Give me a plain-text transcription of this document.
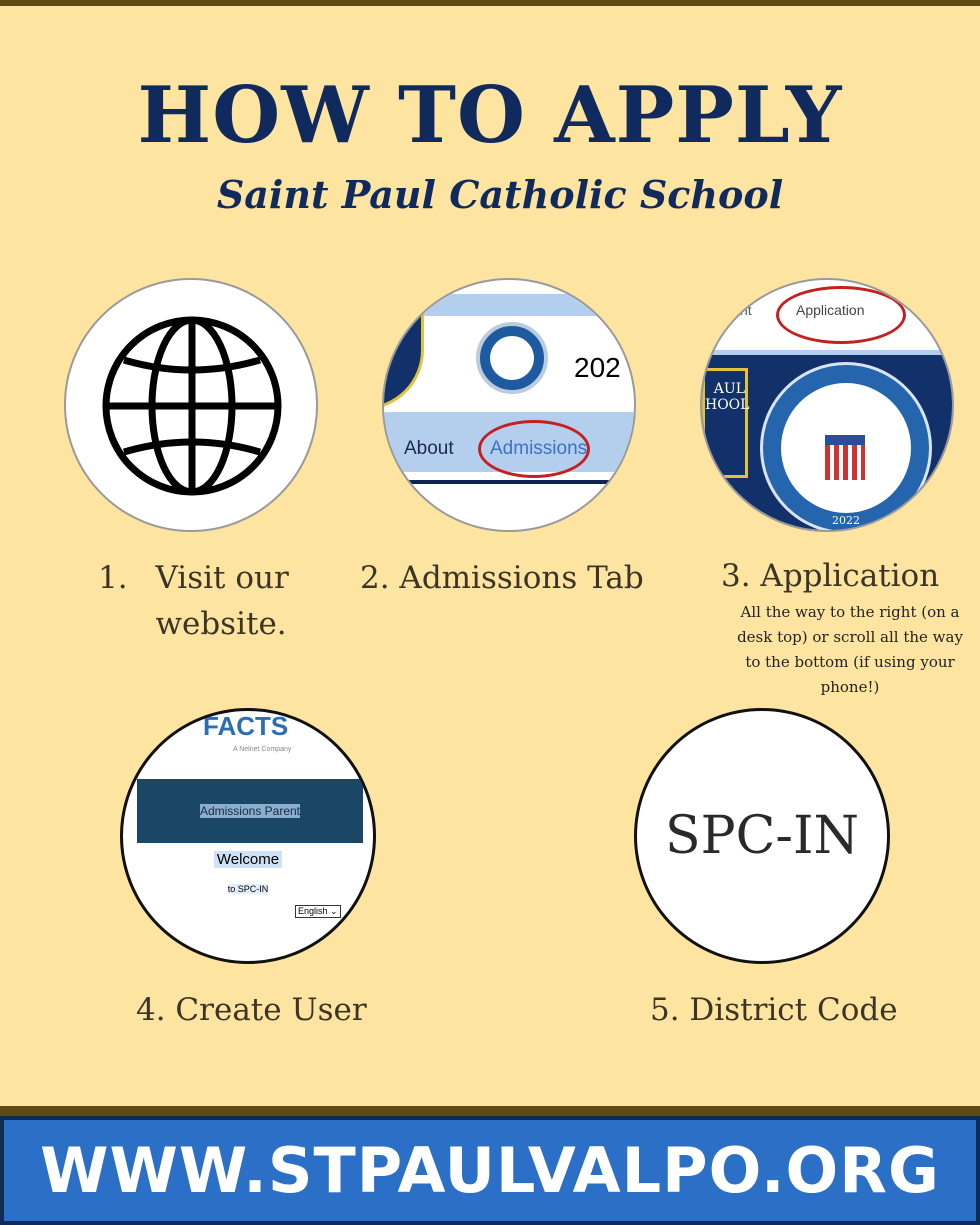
HOW TO APPLY
Saint Paul Catholic School
1. Visit our website.
202
About Admissions
2. Admissions Tab
nt	Application
AUL
HOOL
2022
3. Application
All the way to the right (on a desk top) or scroll all the way to the bottom (if using your phone!)
FACTS
A Nelnet Company
Admissions Parent
Welcome
to SPC-IN
English ⌄
4. Create User
SPC-IN
5. District Code
WWW.STPAULVALPO.ORG
